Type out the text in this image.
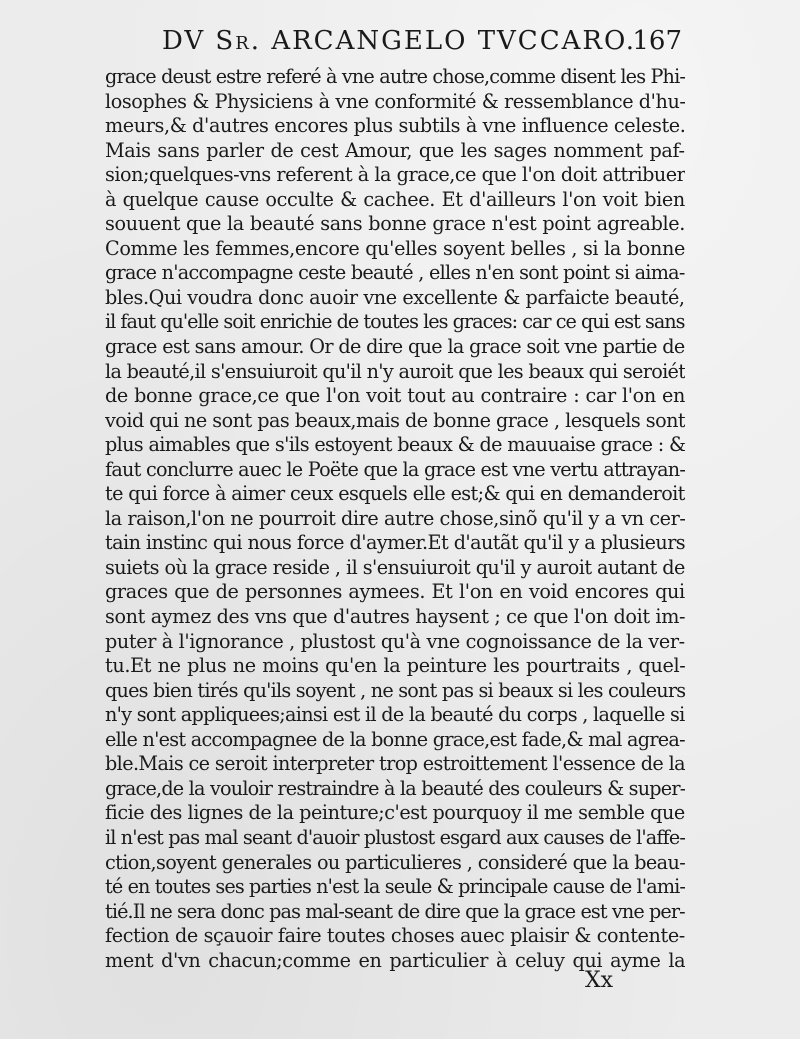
DV Sr. ARCANGELO TVCCARO.
167
grace deust estre referé à vne autre chose,comme disent les Phi-
losophes & Physiciens à vne conformité & ressemblance d'hu-
meurs,& d'autres encores plus subtils à vne influence celeste.
Mais sans parler de cest Amour, que les sages nomment paf-
sion;quelques-vns referent à la grace,ce que l'on doit attribuer
à quelque cause occulte & cachee. Et d'ailleurs l'on voit bien
souuent que la beauté sans bonne grace n'est point agreable.
Comme les femmes,encore qu'elles soyent belles , si la bonne
grace n'accompagne ceste beauté , elles n'en sont point si aima-
bles.Qui voudra donc auoir vne excellente & parfaicte beauté,
il faut qu'elle soit enrichie de toutes les graces: car ce qui est sans
grace est sans amour. Or de dire que la grace soit vne partie de
la beauté,il s'ensuiuroit qu'il n'y auroit que les beaux qui seroiét
de bonne grace,ce que l'on voit tout au contraire : car l'on en
void qui ne sont pas beaux,mais de bonne grace , lesquels sont
plus aimables que s'ils estoyent beaux & de mauuaise grace : &
faut conclurre auec le Poëte que la grace est vne vertu attrayan-
te qui force à aimer ceux esquels elle est;& qui en demanderoit
la raison,l'on ne pourroit dire autre chose,sinõ qu'il y a vn cer-
tain instinc qui nous force d'aymer.Et d'autãt qu'il y a plusieurs
suiets où la grace reside , il s'ensuiuroit qu'il y auroit autant de
graces que de personnes aymees. Et l'on en void encores qui
sont aymez des vns que d'autres haysent ; ce que l'on doit im-
puter à l'ignorance , plustost qu'à vne cognoissance de la ver-
tu.Et ne plus ne moins qu'en la peinture les pourtraits , quel-
ques bien tirés qu'ils soyent , ne sont pas si beaux si les couleurs
n'y sont appliquees;ainsi est il de la beauté du corps , laquelle si
elle n'est accompagnee de la bonne grace,est fade,& mal agrea-
ble.Mais ce seroit interpreter trop estroittement l'essence de la
grace,de la vouloir restraindre à la beauté des couleurs & super-
ficie des lignes de la peinture;c'est pourquoy il me semble que
il n'est pas mal seant d'auoir plustost esgard aux causes de l'affe-
ction,soyent generales ou particulieres , consideré que la beau-
té en toutes ses parties n'est la seule & principale cause de l'ami-
tié.Il ne sera donc pas mal-seant de dire que la grace est vne per-
fection de sçauoir faire toutes choses auec plaisir & contente-
ment d'vn chacun;comme en particulier à celuy qui ayme la
Xx
